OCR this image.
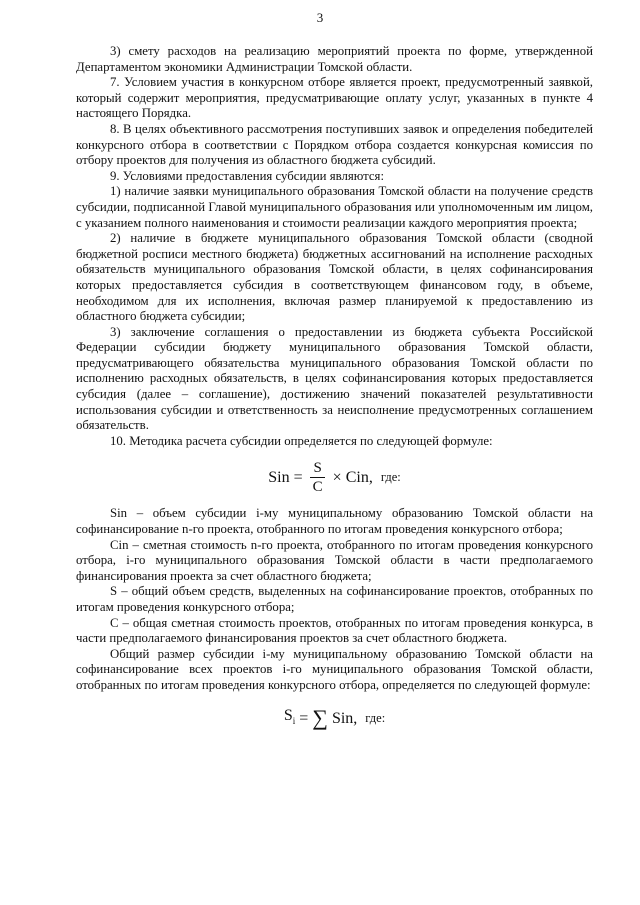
3

3) смету расходов на реализацию мероприятий проекта по форме, утвержденной Департаментом экономики Администрации Томской области.

7. Условием участия в конкурсном отборе является проект, предусмотренный заявкой, который содержит мероприятия, предусматривающие оплату услуг, указанных в пункте 4 настоящего Порядка.

8. В целях объективного рассмотрения поступивших заявок и определения победителей конкурсного отбора в соответствии с Порядком отбора создается конкурсная комиссия по отбору проектов для получения из областного бюджета субсидий.

9. Условиями предоставления субсидии являются:

1) наличие заявки муниципального образования Томской области на получение средств субсидии, подписанной Главой муниципального образования или уполномоченным им лицом, с указанием полного наименования и стоимости реализации каждого мероприятия проекта;

2) наличие в бюджете муниципального образования Томской области (сводной бюджетной росписи местного бюджета) бюджетных ассигнований на исполнение расходных обязательств муниципального образования Томской области, в целях софинансирования которых предоставляется субсидия в соответствующем финансовом году, в объеме, необходимом для их исполнения, включая размер планируемой к предоставлению из областного бюджета субсидии;

3) заключение соглашения о предоставлении из бюджета субъекта Российской Федерации субсидии бюджету муниципального образования Томской области, предусматривающего обязательства муниципального образования Томской области по исполнению расходных обязательств, в целях софинансирования которых предоставляется субсидия (далее – соглашение), достижению значений показателей результативности использования субсидии и ответственность за неисполнение предусмотренных соглашением обязательств.

10. Методика расчета субсидии определяется по следующей формуле:

Sin = $\frac{S}{C}$ × Cin, где:

Sin – объем субсидии i-му муниципальному образованию Томской области на софинансирование n-го проекта, отобранного по итогам проведения конкурсного отбора;

Cin – сметная стоимость n-го проекта, отобранного по итогам проведения конкурсного отбора, i-го муниципального образования Томской области в части предполагаемого финансирования проекта за счет областного бюджета;

S – общий объем средств, выделенных на софинансирование проектов, отобранных по итогам проведения конкурсного отбора;

C – общая сметная стоимость проектов, отобранных по итогам проведения конкурса, в части предполагаемого финансирования проектов за счет областного бюджета.

Общий размер субсидии i-му муниципальному образованию Томской области на софинансирование всех проектов i-го муниципального образования Томской области, отобранных по итогам проведения конкурсного отбора, определяется по следующей формуле:

$S_i$ = ∑ Sin, где:
